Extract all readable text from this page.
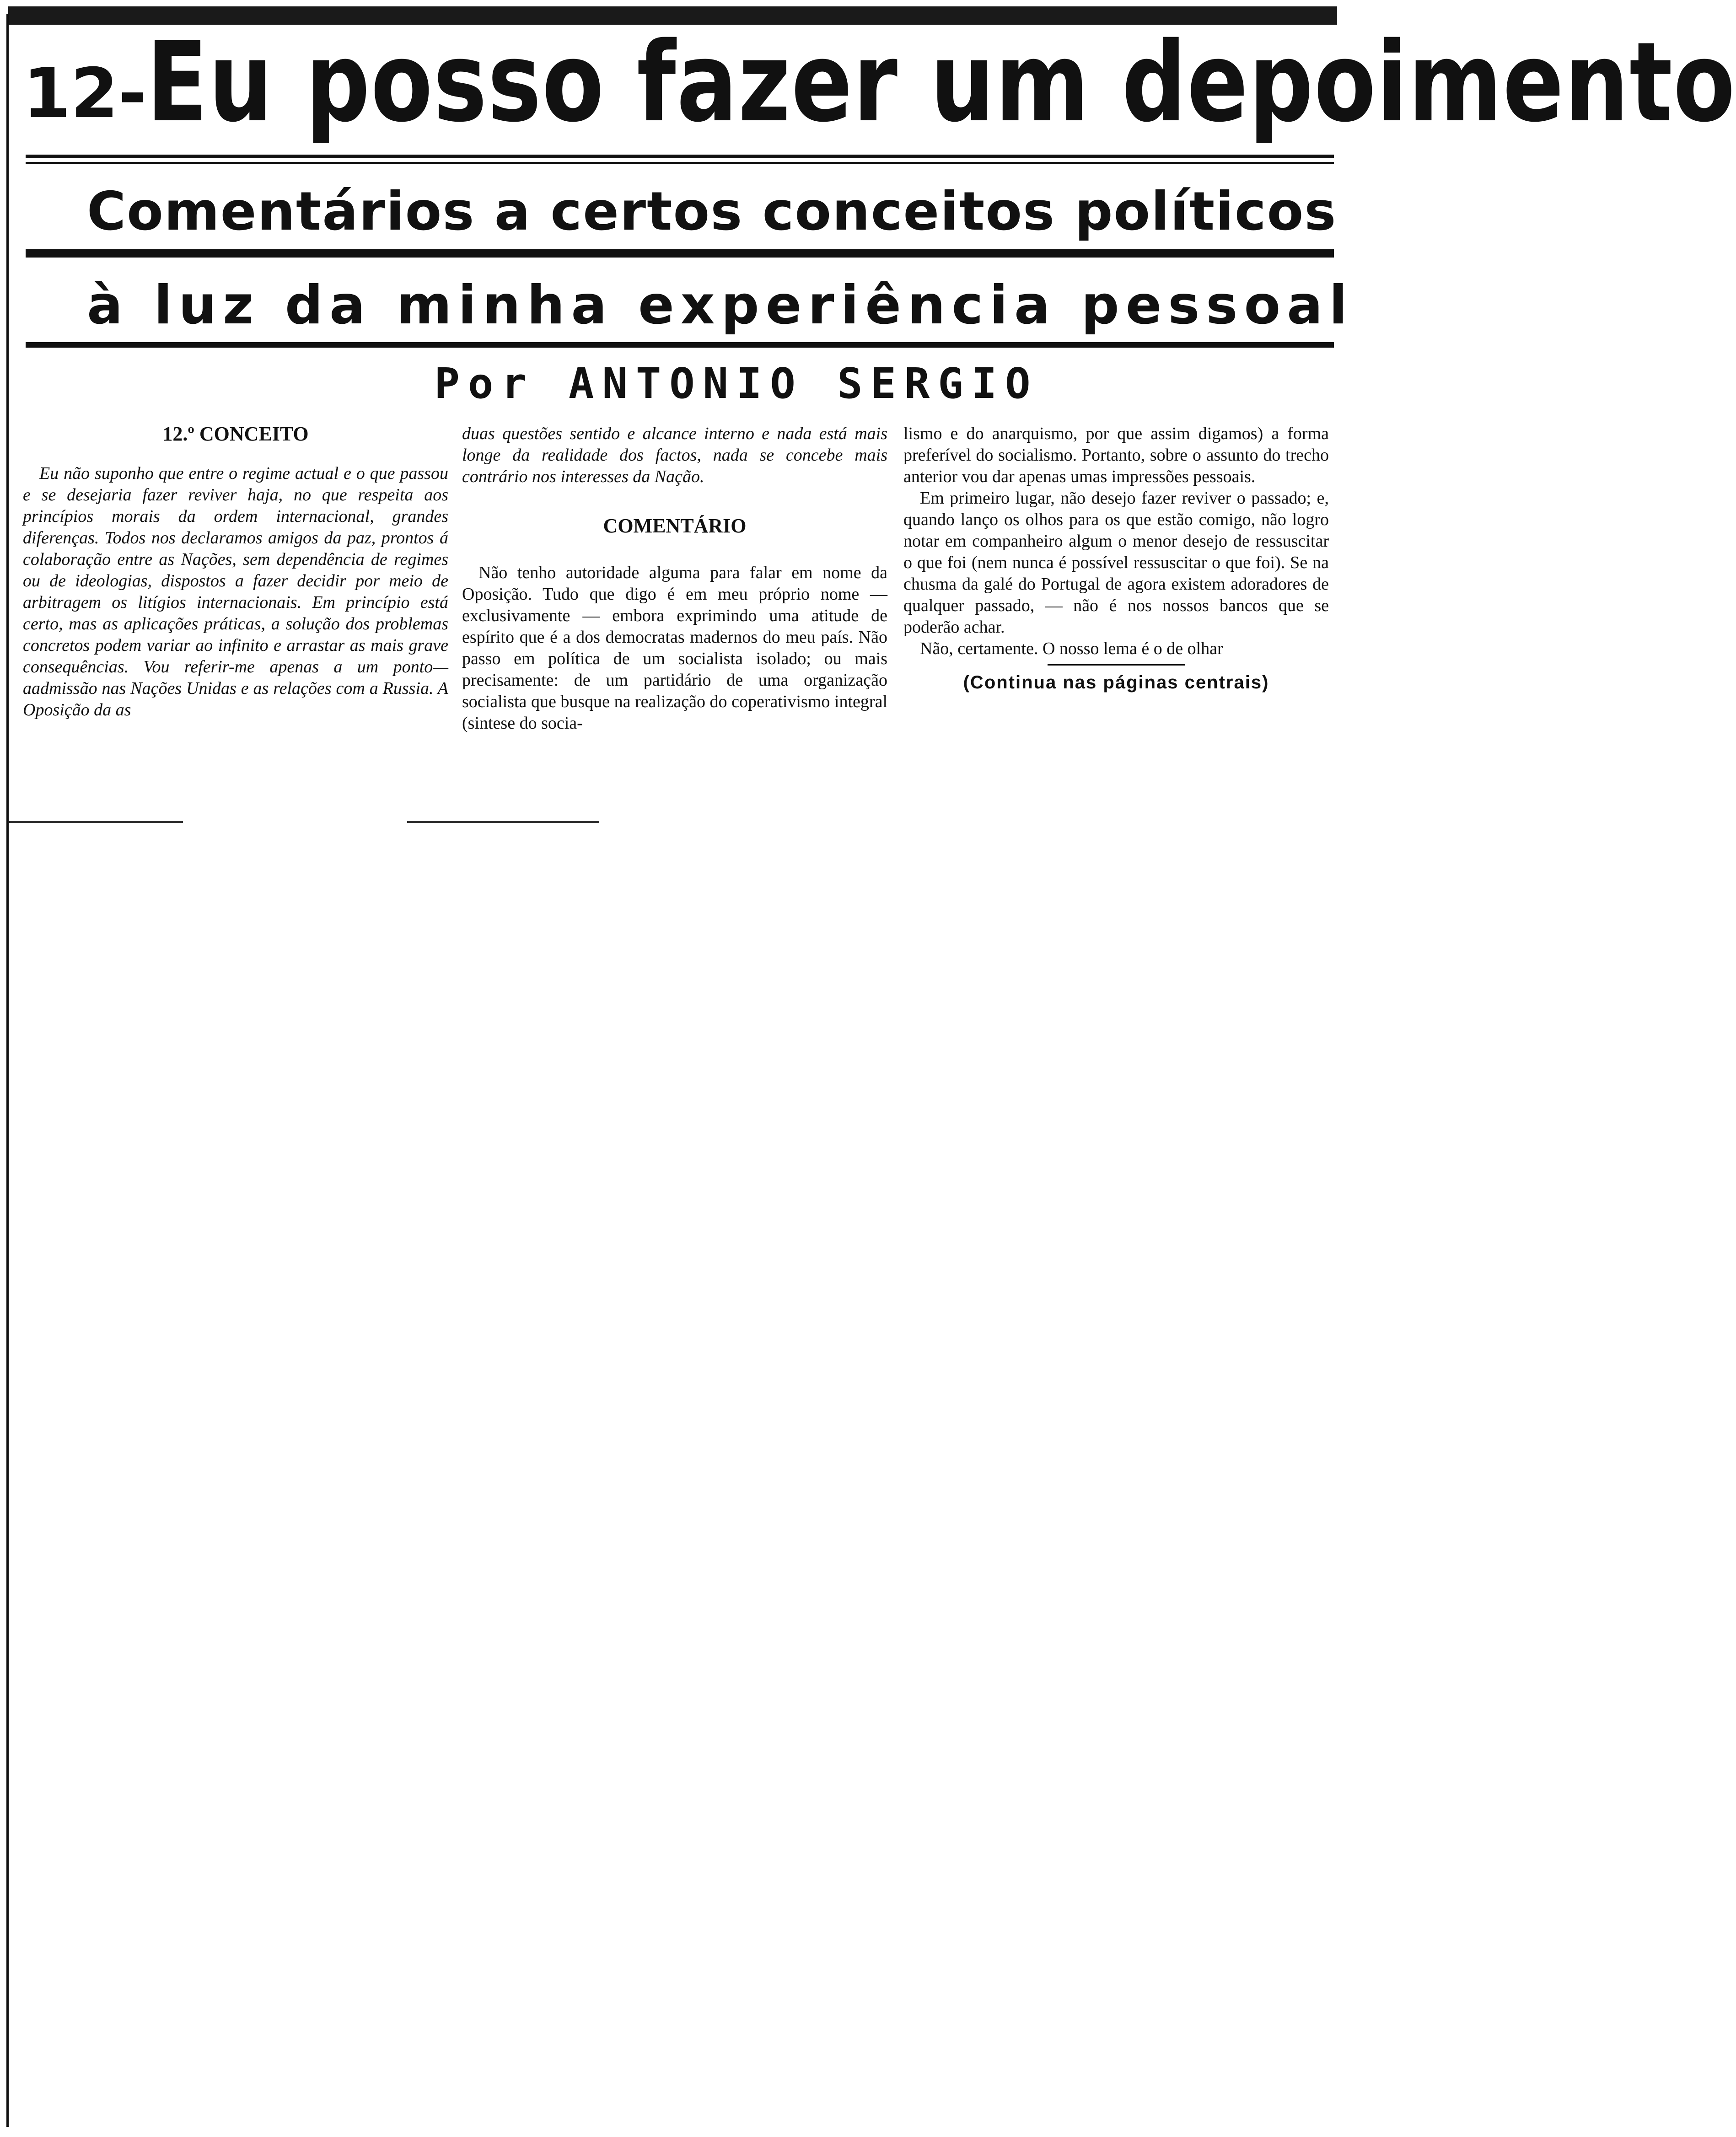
12- Eu posso fazer um depoimento
Comentários a certos conceitos políticos
à luz da minha experiência pessoal
Por ANTONIO SERGIO
12.º CONCEITO

Eu não suponho que entre o regime actual e o que passou e se desejaria fazer reviver haja, no que respeita aos princípios morais da ordem internacional, grandes diferenças. Todos nos declaramos amigos da paz, prontos á colaboração entre as Nações, sem dependência de regimes ou de ideologias, dispostos a fazer decidir por meio de arbitragem os litígios internacionais. Em princípio está certo, mas as aplicações práticas, a solução dos problemas concretos podem variar ao infinito e arrastar as mais grave consequências. Vou referir-me apenas a um ponto—aadmissão nas Nações Unidas e as relações com a Russia. A Oposição da as

duas questões sentido e alcance interno e nada está mais longe da realidade dos factos, nada se concebe mais contrário nos interesses da Nação.

COMENTÁRIO

Não tenho autoridade alguma para falar em nome da Oposição. Tudo que digo é em meu próprio nome — exclusivamente — embora exprimindo uma atitude de espírito que é a dos democratas madernos do meu país. Não passo em política de um socialista isolado; ou mais precisamente: de um partidário de uma organização socialista que busque na realização do coperativismo integral (sintese do socia-

lismo e do anarquismo, por que assim digamos) a forma preferível do socialismo. Portanto, sobre o assunto do trecho anterior vou dar apenas umas impressões pessoais.

Em primeiro lugar, não desejo fazer reviver o passado; e, quando lanço os olhos para os que estão comigo, não logro notar em companheiro algum o menor desejo de ressuscitar o que foi (nem nunca é possível ressuscitar o que foi). Se na chusma da galé do Portugal de agora existem adoradores de qualquer passado, — não é nos nossos bancos que se poderão achar.

Não, certamente. O nosso lema é o de olhar

(Continua nas páginas centrais)
